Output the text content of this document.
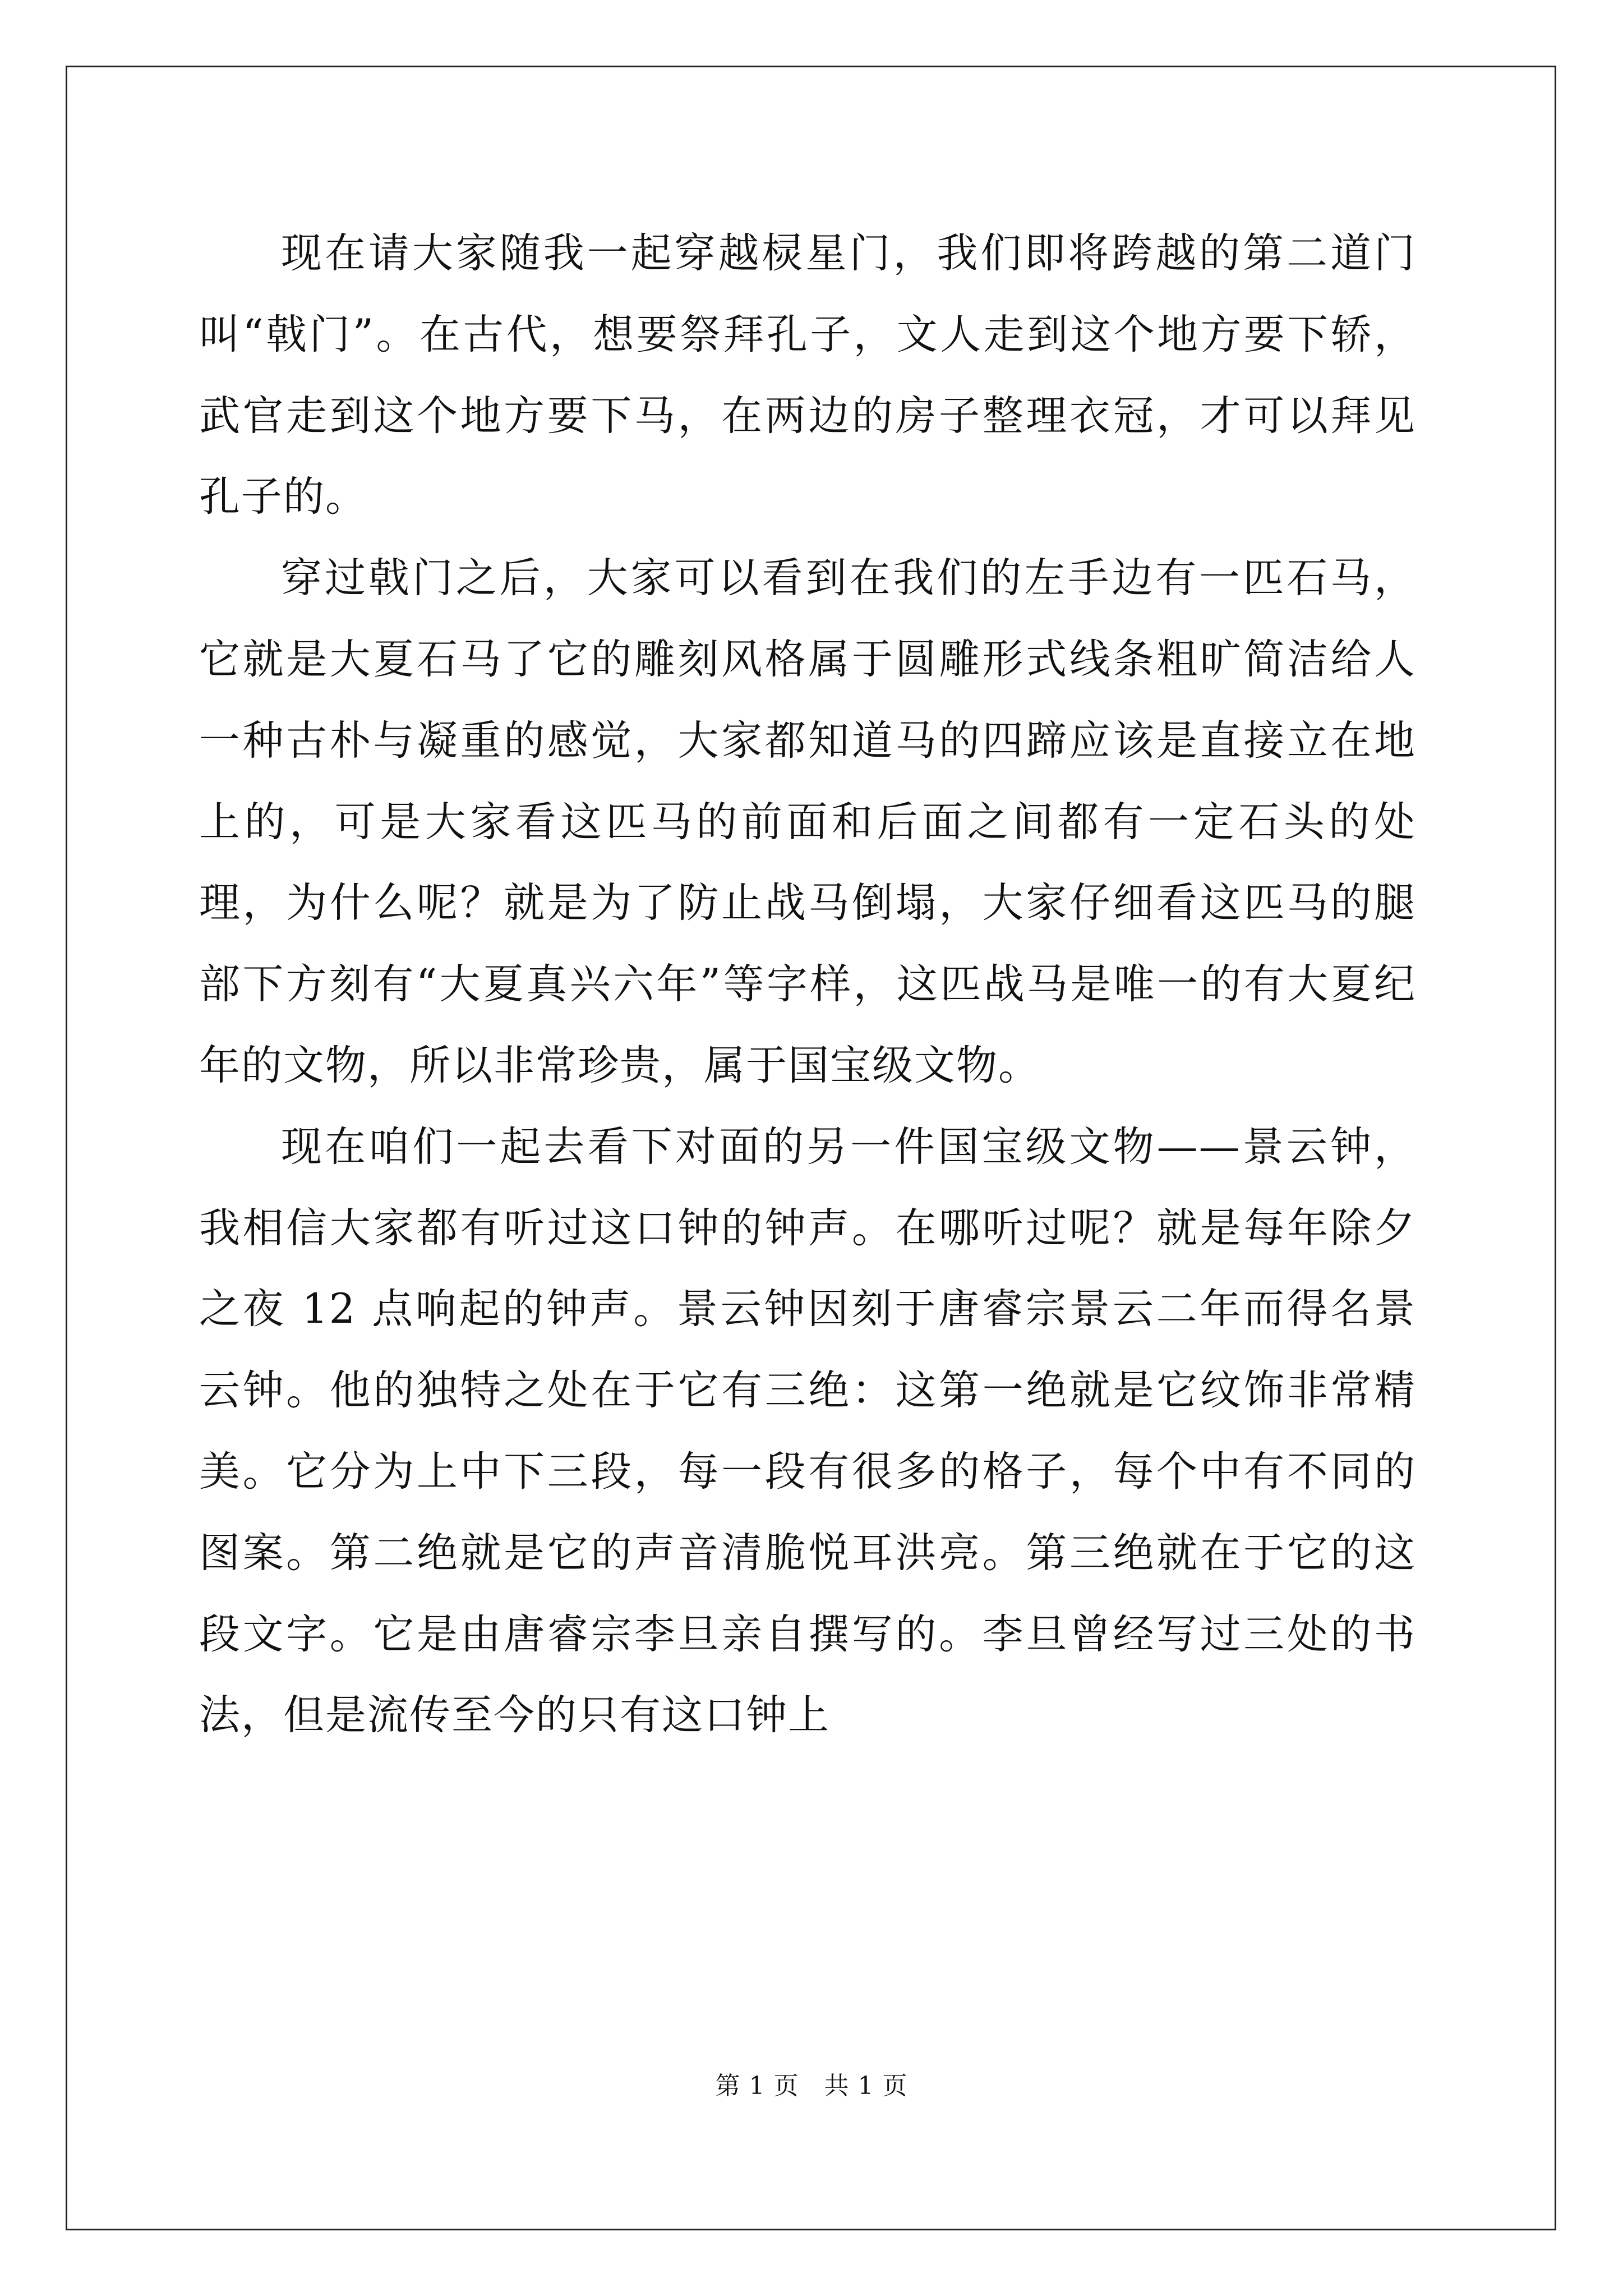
现在请大家随我一起穿越棂星门，我们即将跨越的第二道门叫“戟门”。在古代，想要祭拜孔子，文人走到这个地方要下轿，武官走到这个地方要下马，在两边的房子整理衣冠，才可以拜见孔子的。

穿过戟门之后，大家可以看到在我们的左手边有一匹石马，它就是大夏石马了它的雕刻风格属于圆雕形式线条粗旷简洁给人一种古朴与凝重的感觉，大家都知道马的四蹄应该是直接立在地上的，可是大家看这匹马的前面和后面之间都有一定石头的处理，为什么呢？就是为了防止战马倒塌，大家仔细看这匹马的腿部下方刻有“大夏真兴六年”等字样，这匹战马是唯一的有大夏纪年的文物，所以非常珍贵，属于国宝级文物。

现在咱们一起去看下对面的另一件国宝级文物——景云钟，我相信大家都有听过这口钟的钟声。在哪听过呢？就是每年除夕之夜 12 点响起的钟声。景云钟因刻于唐睿宗景云二年而得名景云钟。他的独特之处在于它有三绝：这第一绝就是它纹饰非常精美。它分为上中下三段，每一段有很多的格子，每个中有不同的图案。第二绝就是它的声音清脆悦耳洪亮。第三绝就在于它的这段文字。它是由唐睿宗李旦亲自撰写的。李旦曾经写过三处的书法，但是流传至今的只有这口钟上

第 1 页　共 1 页
